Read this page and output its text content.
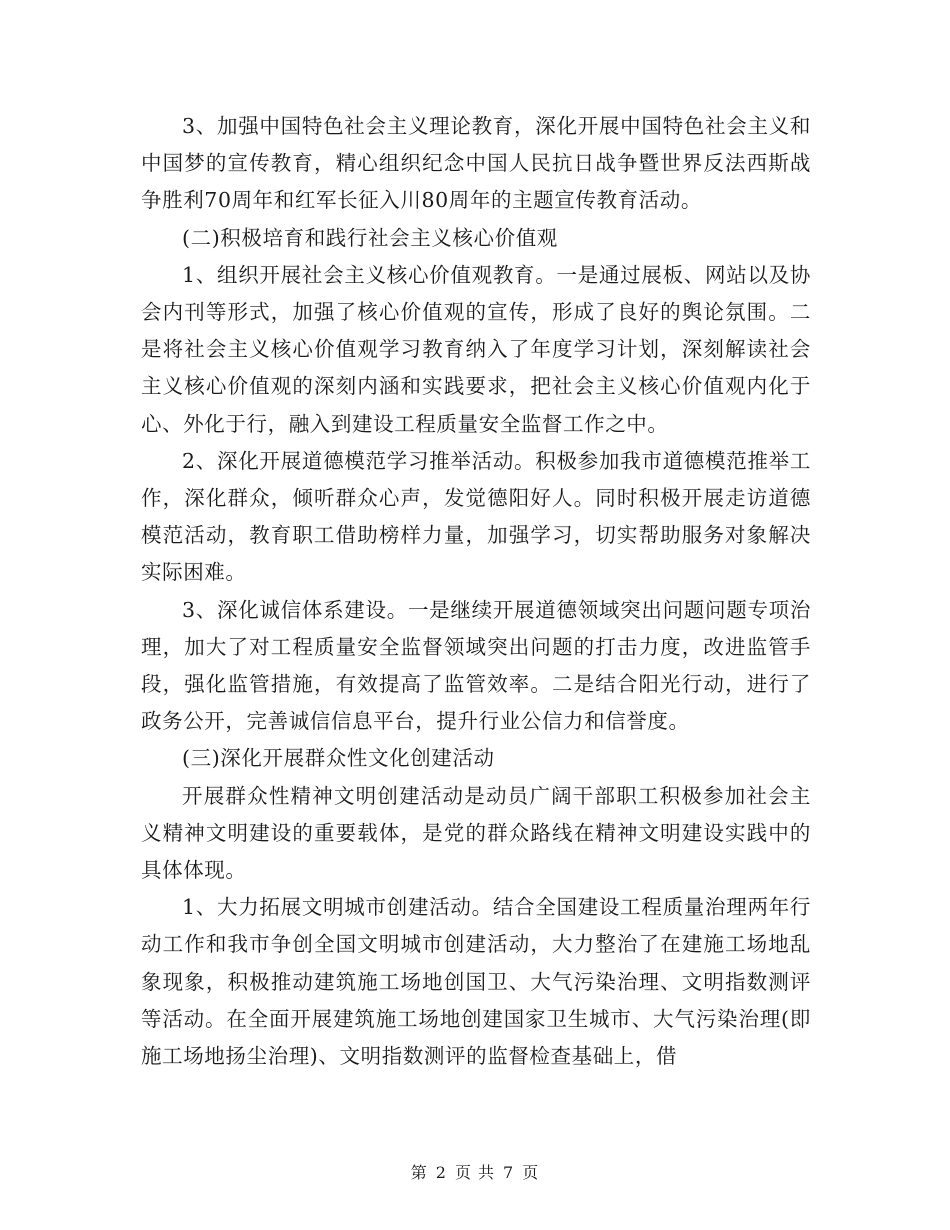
3、加强中国特色社会主义理论教育，深化开展中国特色社会主义和中国梦的宣传教育，精心组织纪念中国人民抗日战争暨世界反法西斯战争胜利70周年和红军长征入川80周年的主题宣传教育活动。

(二)积极培育和践行社会主义核心价值观

1、组织开展社会主义核心价值观教育。一是通过展板、网站以及协会内刊等形式，加强了核心价值观的宣传，形成了良好的舆论氛围。二是将社会主义核心价值观学习教育纳入了年度学习计划，深刻解读社会主义核心价值观的深刻内涵和实践要求，把社会主义核心价值观内化于心、外化于行，融入到建设工程质量安全监督工作之中。

2、深化开展道德模范学习推举活动。积极参加我市道德模范推举工作，深化群众，倾听群众心声，发觉德阳好人。同时积极开展走访道德模范活动，教育职工借助榜样力量，加强学习，切实帮助服务对象解决实际困难。

3、深化诚信体系建设。一是继续开展道德领域突出问题问题专项治理，加大了对工程质量安全监督领域突出问题的打击力度，改进监管手段，强化监管措施，有效提高了监管效率。二是结合阳光行动，进行了政务公开，完善诚信信息平台，提升行业公信力和信誉度。

(三)深化开展群众性文化创建活动

开展群众性精神文明创建活动是动员广阔干部职工积极参加社会主义精神文明建设的重要载体，是党的群众路线在精神文明建设实践中的具体体现。

1、大力拓展文明城市创建活动。结合全国建设工程质量治理两年行动工作和我市争创全国文明城市创建活动，大力整治了在建施工场地乱象现象，积极推动建筑施工场地创国卫、大气污染治理、文明指数测评等活动。在全面开展建筑施工场地创建国家卫生城市、大气污染治理(即施工场地扬尘治理)、文明指数测评的监督检查基础上，借

第 2 页 共 7 页
